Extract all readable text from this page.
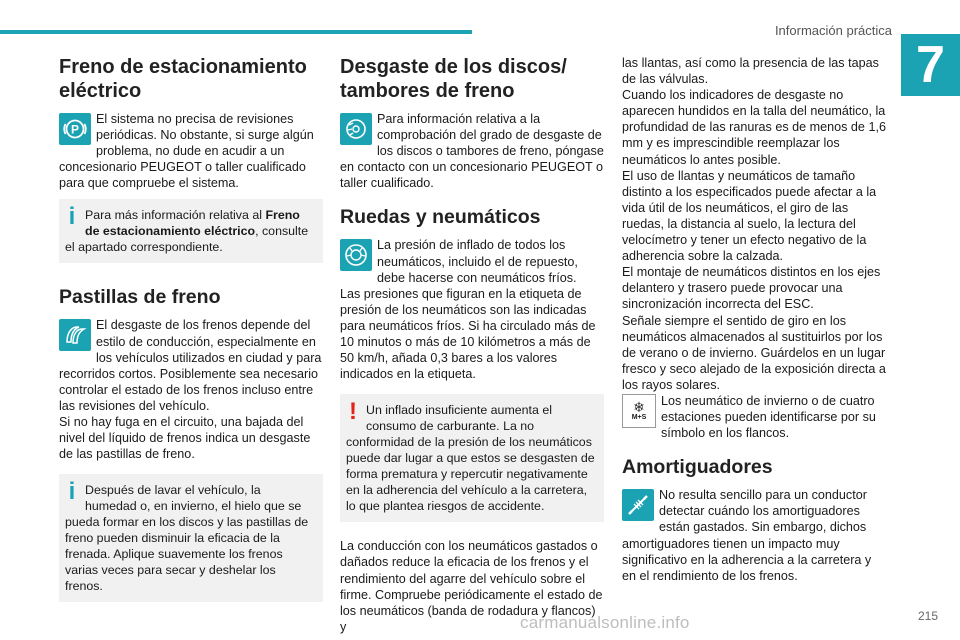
Información práctica
7
Freno de estacionamiento eléctrico
P

El sistema no precisa de revisiones periódicas. No obstante, si surge algún problema, no dude en acudir a un concesionario PEUGEOT o taller cualificado para que compruebe el sistema.

i Para más información relativa al Freno de estacionamiento eléctrico, consulte el apartado correspondiente.

Pastillas de freno

El desgaste de los frenos depende del estilo de conducción, especialmente en los vehículos utilizados en ciudad y para recorridos cortos. Posiblemente sea necesario controlar el estado de los frenos incluso entre las revisiones del vehículo.

Si no hay fuga en el circuito, una bajada del nivel del líquido de frenos indica un desgaste de las pastillas de freno.

i Después de lavar el vehículo, la humedad o, en invierno, el hielo que se pueda formar en los discos y las pastillas de freno pueden disminuir la eficacia de la frenada. Aplique suavemente los frenos varias veces para secar y deshelar los frenos.

Desgaste de los discos/ tambores de freno

Para información relativa a la comprobación del grado de desgaste de los discos o tambores de freno, póngase en contacto con un concesionario PEUGEOT o taller cualificado.

Ruedas y neumáticos

La presión de inflado de todos los neumáticos, incluido el de repuesto, debe hacerse con neumáticos fríos.

Las presiones que figuran en la etiqueta de presión de los neumáticos son las indicadas para neumáticos fríos. Si ha circulado más de 10 minutos o más de 10 kilómetros a más de 50 km/h, añada 0,3 bares a los valores indicados en la etiqueta.

! Un inflado insuficiente aumenta el consumo de carburante. La no conformidad de la presión de los neumáticos puede dar lugar a que estos se desgasten de forma prematura y repercutir negativamente en la adherencia del vehículo a la carretera, lo que plantea riesgos de accidente.

La conducción con los neumáticos gastados o dañados reduce la eficacia de los frenos y el rendimiento del agarre del vehículo sobre el firme. Compruebe periódicamente el estado de los neumáticos (banda de rodadura y flancos) y

las llantas, así como la presencia de las tapas de las válvulas.

Cuando los indicadores de desgaste no aparecen hundidos en la talla del neumático, la profundidad de las ranuras es de menos de 1,6 mm y es imprescindible reemplazar los neumáticos lo antes posible.

El uso de llantas y neumáticos de tamaño distinto a los especificados puede afectar a la vida útil de los neumáticos, el giro de las ruedas, la distancia al suelo, la lectura del velocímetro y tener un efecto negativo de la adherencia sobre la calzada.

El montaje de neumáticos distintos en los ejes delantero y trasero puede provocar una sincronización incorrecta del ESC.

Señale siempre el sentido de giro en los neumáticos almacenados al sustituirlos por los de verano o de invierno. Guárdelos en un lugar fresco y seco alejado de la exposición directa a los rayos solares.

❄
M+S

Los neumático de invierno o de cuatro estaciones pueden identificarse por su símbolo en los flancos.

Amortiguadores

No resulta sencillo para un conductor detectar cuándo los amortiguadores están gastados. Sin embargo, dichos amortiguadores tienen un impacto muy significativo en la adherencia a la carretera y en el rendimiento de los frenos.

carmanualsonline.info	215
